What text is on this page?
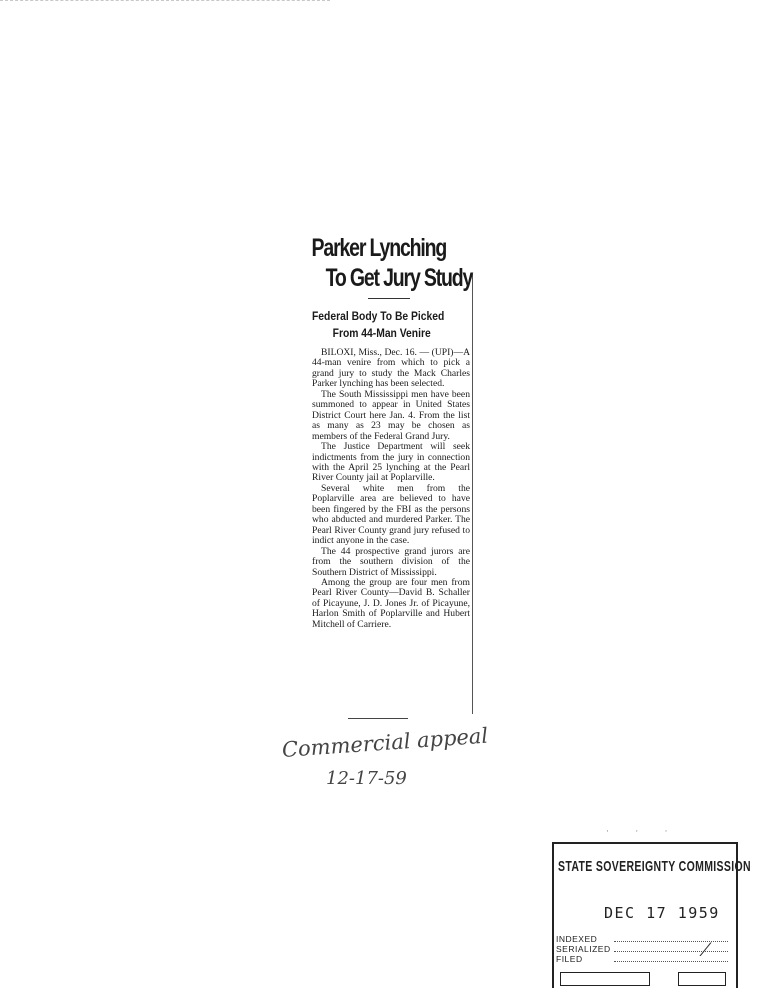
Parker Lynching
To Get Jury Study
Federal Body To Be Picked
From 44-Man Venire

BILOXI, Miss., Dec. 16. — (UPI)—A 44-man venire from which to pick a grand jury to study the Mack Charles Parker lynching has been selected.

The South Mississippi men have been summoned to appear in United States District Court here Jan. 4. From the list as many as 23 may be chosen as members of the Federal Grand Jury.

The Justice Department will seek indictments from the jury in connection with the April 25 lynching at the Pearl River County jail at Poplarville.

Several white men from the Poplarville area are believed to have been fingered by the FBI as the persons who abducted and murdered Parker. The Pearl River County grand jury refused to indict anyone in the case.

The 44 prospective grand jurors are from the southern division of the Southern District of Mississippi.

Among the group are four men from Pearl River County—David B. Schaller of Picayune, J. D. Jones Jr. of Picayune, Harlon Smith of Poplarville and Hubert Mitchell of Carriere.

Commercial appeal
12-17-59
· · ·
STATE SOVEREIGNTY COMMISSION
DEC 17 1959
INDEXED
SERIALIZED
FILED	⁄
